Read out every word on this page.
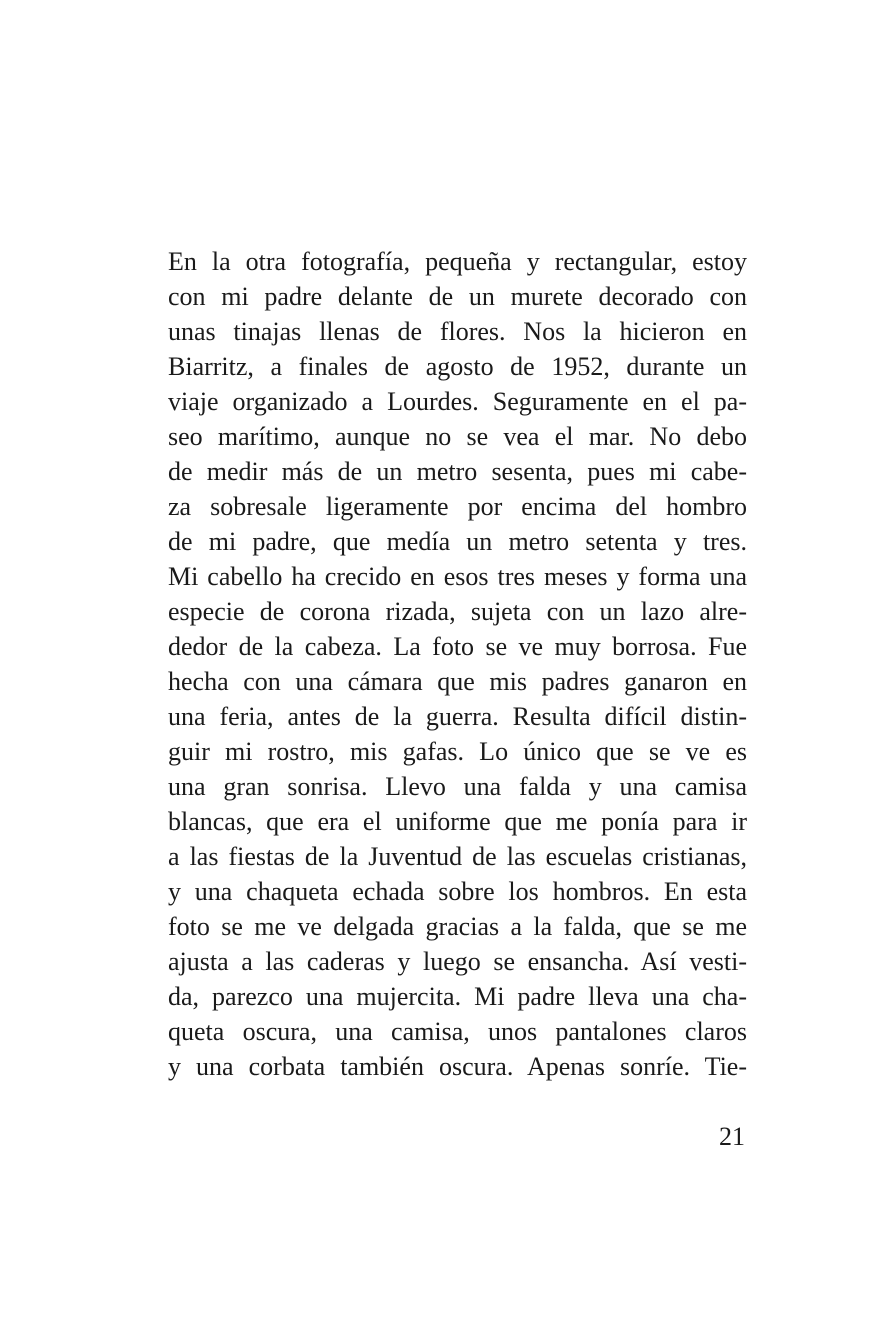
En la otra fotografía, pequeña y rectangular, estoy
con mi padre delante de un murete decorado con
unas tinajas llenas de flores. Nos la hicieron en
Biarritz, a finales de agosto de 1952, durante un
viaje organizado a Lourdes. Seguramente en el pa-
seo marítimo, aunque no se vea el mar. No debo
de medir más de un metro sesenta, pues mi cabe-
za sobresale ligeramente por encima del hombro
de mi padre, que medía un metro setenta y tres.
Mi cabello ha crecido en esos tres meses y forma una
especie de corona rizada, sujeta con un lazo alre-
dedor de la cabeza. La foto se ve muy borrosa. Fue
hecha con una cámara que mis padres ganaron en
una feria, antes de la guerra. Resulta difícil distin-
guir mi rostro, mis gafas. Lo único que se ve es
una gran sonrisa. Llevo una falda y una camisa
blancas, que era el uniforme que me ponía para ir
a las fiestas de la Juventud de las escuelas cristianas,
y una chaqueta echada sobre los hombros. En esta
foto se me ve delgada gracias a la falda, que se me
ajusta a las caderas y luego se ensancha. Así vesti-
da, parezco una mujercita. Mi padre lleva una cha-
queta oscura, una camisa, unos pantalones claros
y una corbata también oscura. Apenas sonríe. Tie-
21
